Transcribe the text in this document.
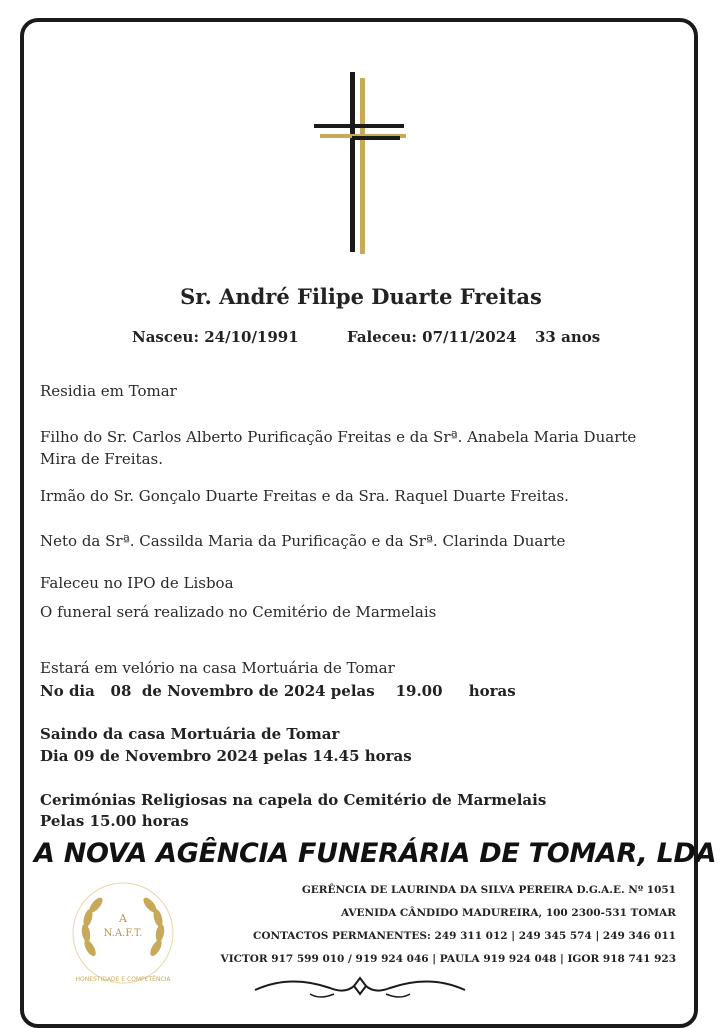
Sr. André Filipe Duarte Freitas
Nasceu: 24/10/1991	Faleceu: 07/11/2024 33 anos
Residia em Tomar
Filho do Sr. Carlos Alberto Purificação Freitas e da Srª. Anabela Maria Duarte
Mira de Freitas.
Irmão do Sr. Gonçalo Duarte Freitas e da Sra. Raquel Duarte Freitas.
Neto da Srª. Cassilda Maria da Purificação e da Srª. Clarinda Duarte
Faleceu no IPO de Lisboa
O funeral será realizado no Cemitério de Marmelais
Estará em velório na casa Mortuária de Tomar
No dia 08 de Novembro de 2024 pelas 19.00 horas
Saindo da casa Mortuária de Tomar
Dia 09 de Novembro 2024 pelas 14.45 horas
Cerimónias Religiosas na capela do Cemitério de Marmelais
Pelas 15.00 horas
A NOVA AGÊNCIA FUNERÁRIA DE TOMAR, LDA
A
N.A.F.T.
HONESTIDADE E COMPETÊNCIA
GERÊNCIA DE LAURINDA DA SILVA PEREIRA D.G.A.E. Nº 1051
AVENIDA CÂNDIDO MADUREIRA, 100 2300-531 TOMAR
CONTACTOS PERMANENTES: 249 311 012 | 249 345 574 | 249 346 011
VICTOR 917 599 010 / 919 924 046 | PAULA 919 924 048 | IGOR 918 741 923
